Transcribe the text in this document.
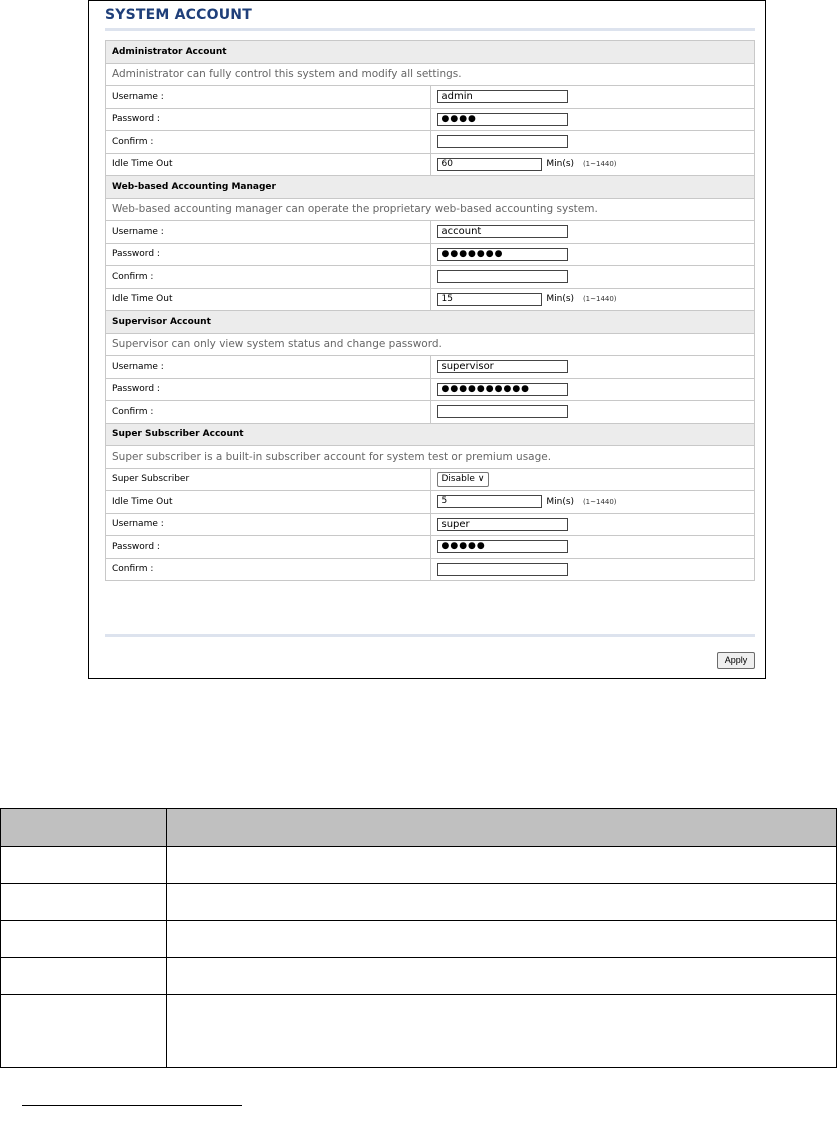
SYSTEM ACCOUNT
Administrator Account	
Administrator can fully control this system and modify all settings.	
Username :	admin
Password :	●●●●
Confirm :	
Idle Time Out	60 Min(s) (1~1440)
Web-based Accounting Manager	
Web-based accounting manager can operate the proprietary web-based accounting system.	
Username :	account
Password :	●●●●●●●
Confirm :	
Idle Time Out	15 Min(s) (1~1440)
Supervisor Account	
Supervisor can only view system status and change password.	
Username :	supervisor
Password :	●●●●●●●●●●
Confirm :	
Super Subscriber Account	
Super subscriber is a built-in subscriber account for system test or premium usage.	
Super Subscriber	Disable ∨
Idle Time Out	5 Min(s) (1~1440)
Username :	super
Password :	●●●●●
Confirm :	
Apply
